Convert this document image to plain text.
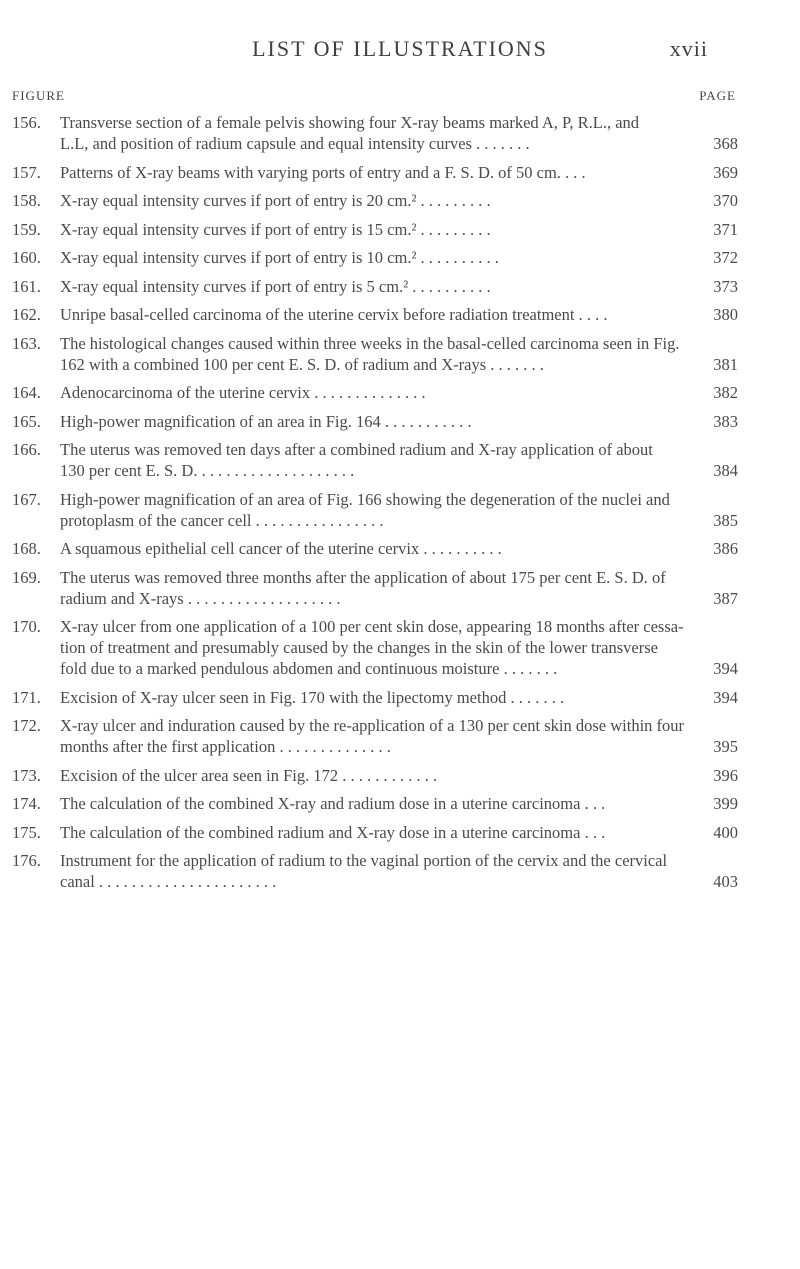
LIST OF ILLUSTRATIONS	xvii
FIGURE	PAGE
156.	Transverse section of a female pelvis showing four X-ray beams marked A, P, R.L., and
L.L, and position of radium capsule and equal intensity curves . . . . . . .	368
157.	Patterns of X-ray beams with varying ports of entry and a F. S. D. of 50 cm. . . .	369
158.	X-ray equal intensity curves if port of entry is 20 cm.² . . . . . . . . .	370
159.	X-ray equal intensity curves if port of entry is 15 cm.² . . . . . . . . .	371
160.	X-ray equal intensity curves if port of entry is 10 cm.² . . . . . . . . . .	372
161.	X-ray equal intensity curves if port of entry is 5 cm.² . . . . . . . . . .	373
162.	Unripe basal-celled carcinoma of the uterine cervix before radiation treatment . . . .	380
163.	The histological changes caused within three weeks in the basal-celled carcinoma seen in Fig.
162 with a combined 100 per cent E. S. D. of radium and X-rays . . . . . . .	381
164.	Adenocarcinoma of the uterine cervix . . . . . . . . . . . . . .	382
165.	High-power magnification of an area in Fig. 164 . . . . . . . . . . .	383
166.	The uterus was removed ten days after a combined radium and X-ray application of about
130 per cent E. S. D. . . . . . . . . . . . . . . . . . . .	384
167.	High-power magnification of an area of Fig. 166 showing the degeneration of the nuclei and
protoplasm of the cancer cell . . . . . . . . . . . . . . . .	385
168.	A squamous epithelial cell cancer of the uterine cervix . . . . . . . . . .	386
169.	The uterus was removed three months after the application of about 175 per cent E. S. D. of
radium and X-rays . . . . . . . . . . . . . . . . . . .	387
170.	X-ray ulcer from one application of a 100 per cent skin dose, appearing 18 months after cessa-
tion of treatment and presumably caused by the changes in the skin of the lower transverse
fold due to a marked pendulous abdomen and continuous moisture . . . . . . .	394
171.	Excision of X-ray ulcer seen in Fig. 170 with the lipectomy method . . . . . . .	394
172.	X-ray ulcer and induration caused by the re-application of a 130 per cent skin dose within four
months after the first application . . . . . . . . . . . . . .	395
173.	Excision of the ulcer area seen in Fig. 172 . . . . . . . . . . . .	396
174.	The calculation of the combined X-ray and radium dose in a uterine carcinoma . . .	399
175.	The calculation of the combined radium and X-ray dose in a uterine carcinoma . . .	400
176.	Instrument for the application of radium to the vaginal portion of the cervix and the cervical
canal . . . . . . . . . . . . . . . . . . . . . .	403
